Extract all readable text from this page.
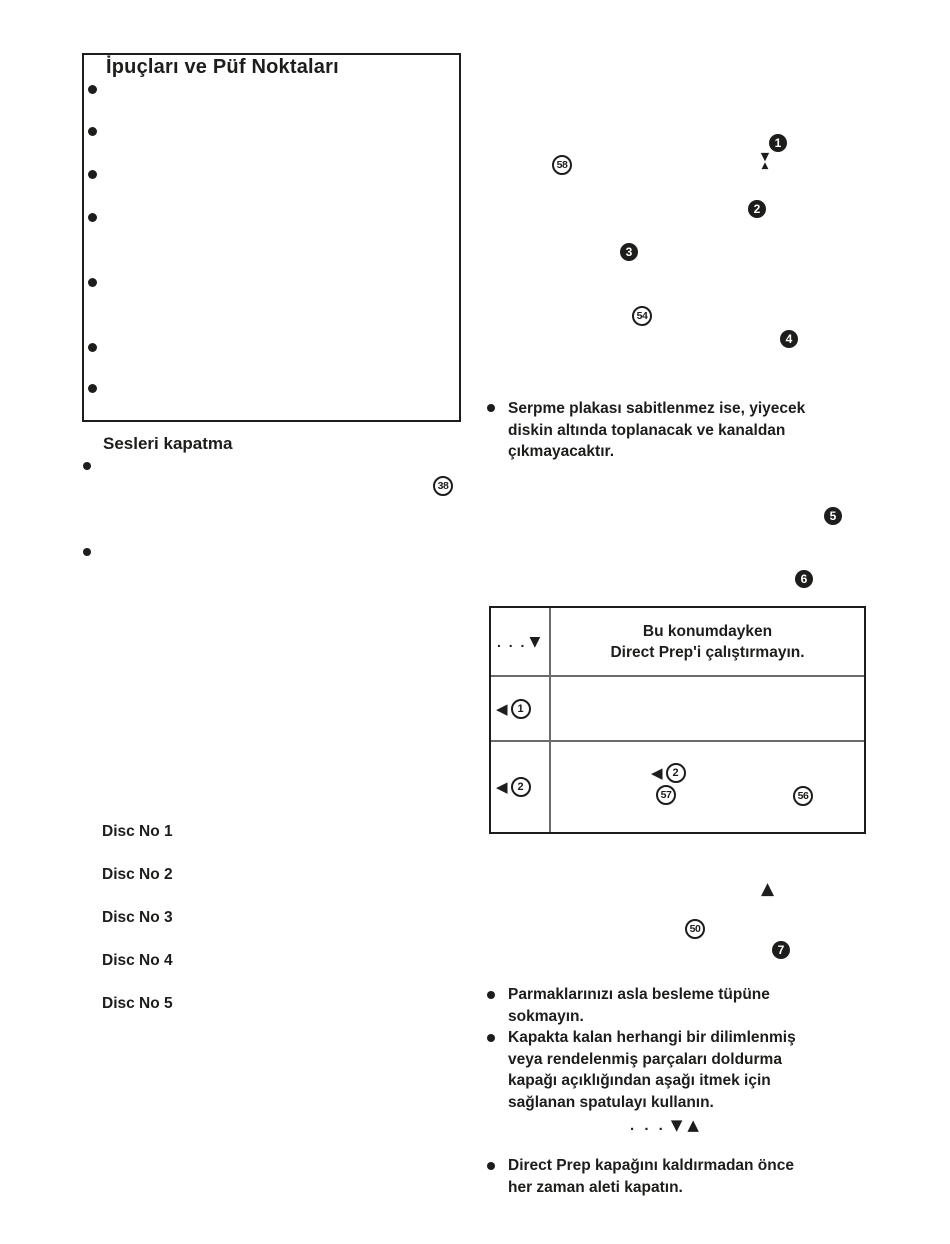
İpuçları ve Püf Noktaları
Sesleri kapatma
38
Disc No 1
Disc No 2
Disc No 3
Disc No 4
Disc No 5
1
▼
▲
58
2
3
54
4
Serpme plakası sabitlenmez ise, yiyecek
diskin altında toplanacak ve kanaldan
çıkmayacaktır.
5
6
. . . ▼
Bu konumdayken
Direct Prep'i çalıştırmayın.
◀ 1
◀ 2
◀ 2
57	56
▲
50
7
Parmaklarınızı asla besleme tüpüne
sokmayın.
Kapakta kalan herhangi bir dilimlenmiş
veya rendelenmiş parçaları doldurma
kapağı açıklığından aşağı itmek için
sağlanan spatulayı kullanın.
. . . ▼ ▲
Direct Prep kapağını kaldırmadan önce
her zaman aleti kapatın.
